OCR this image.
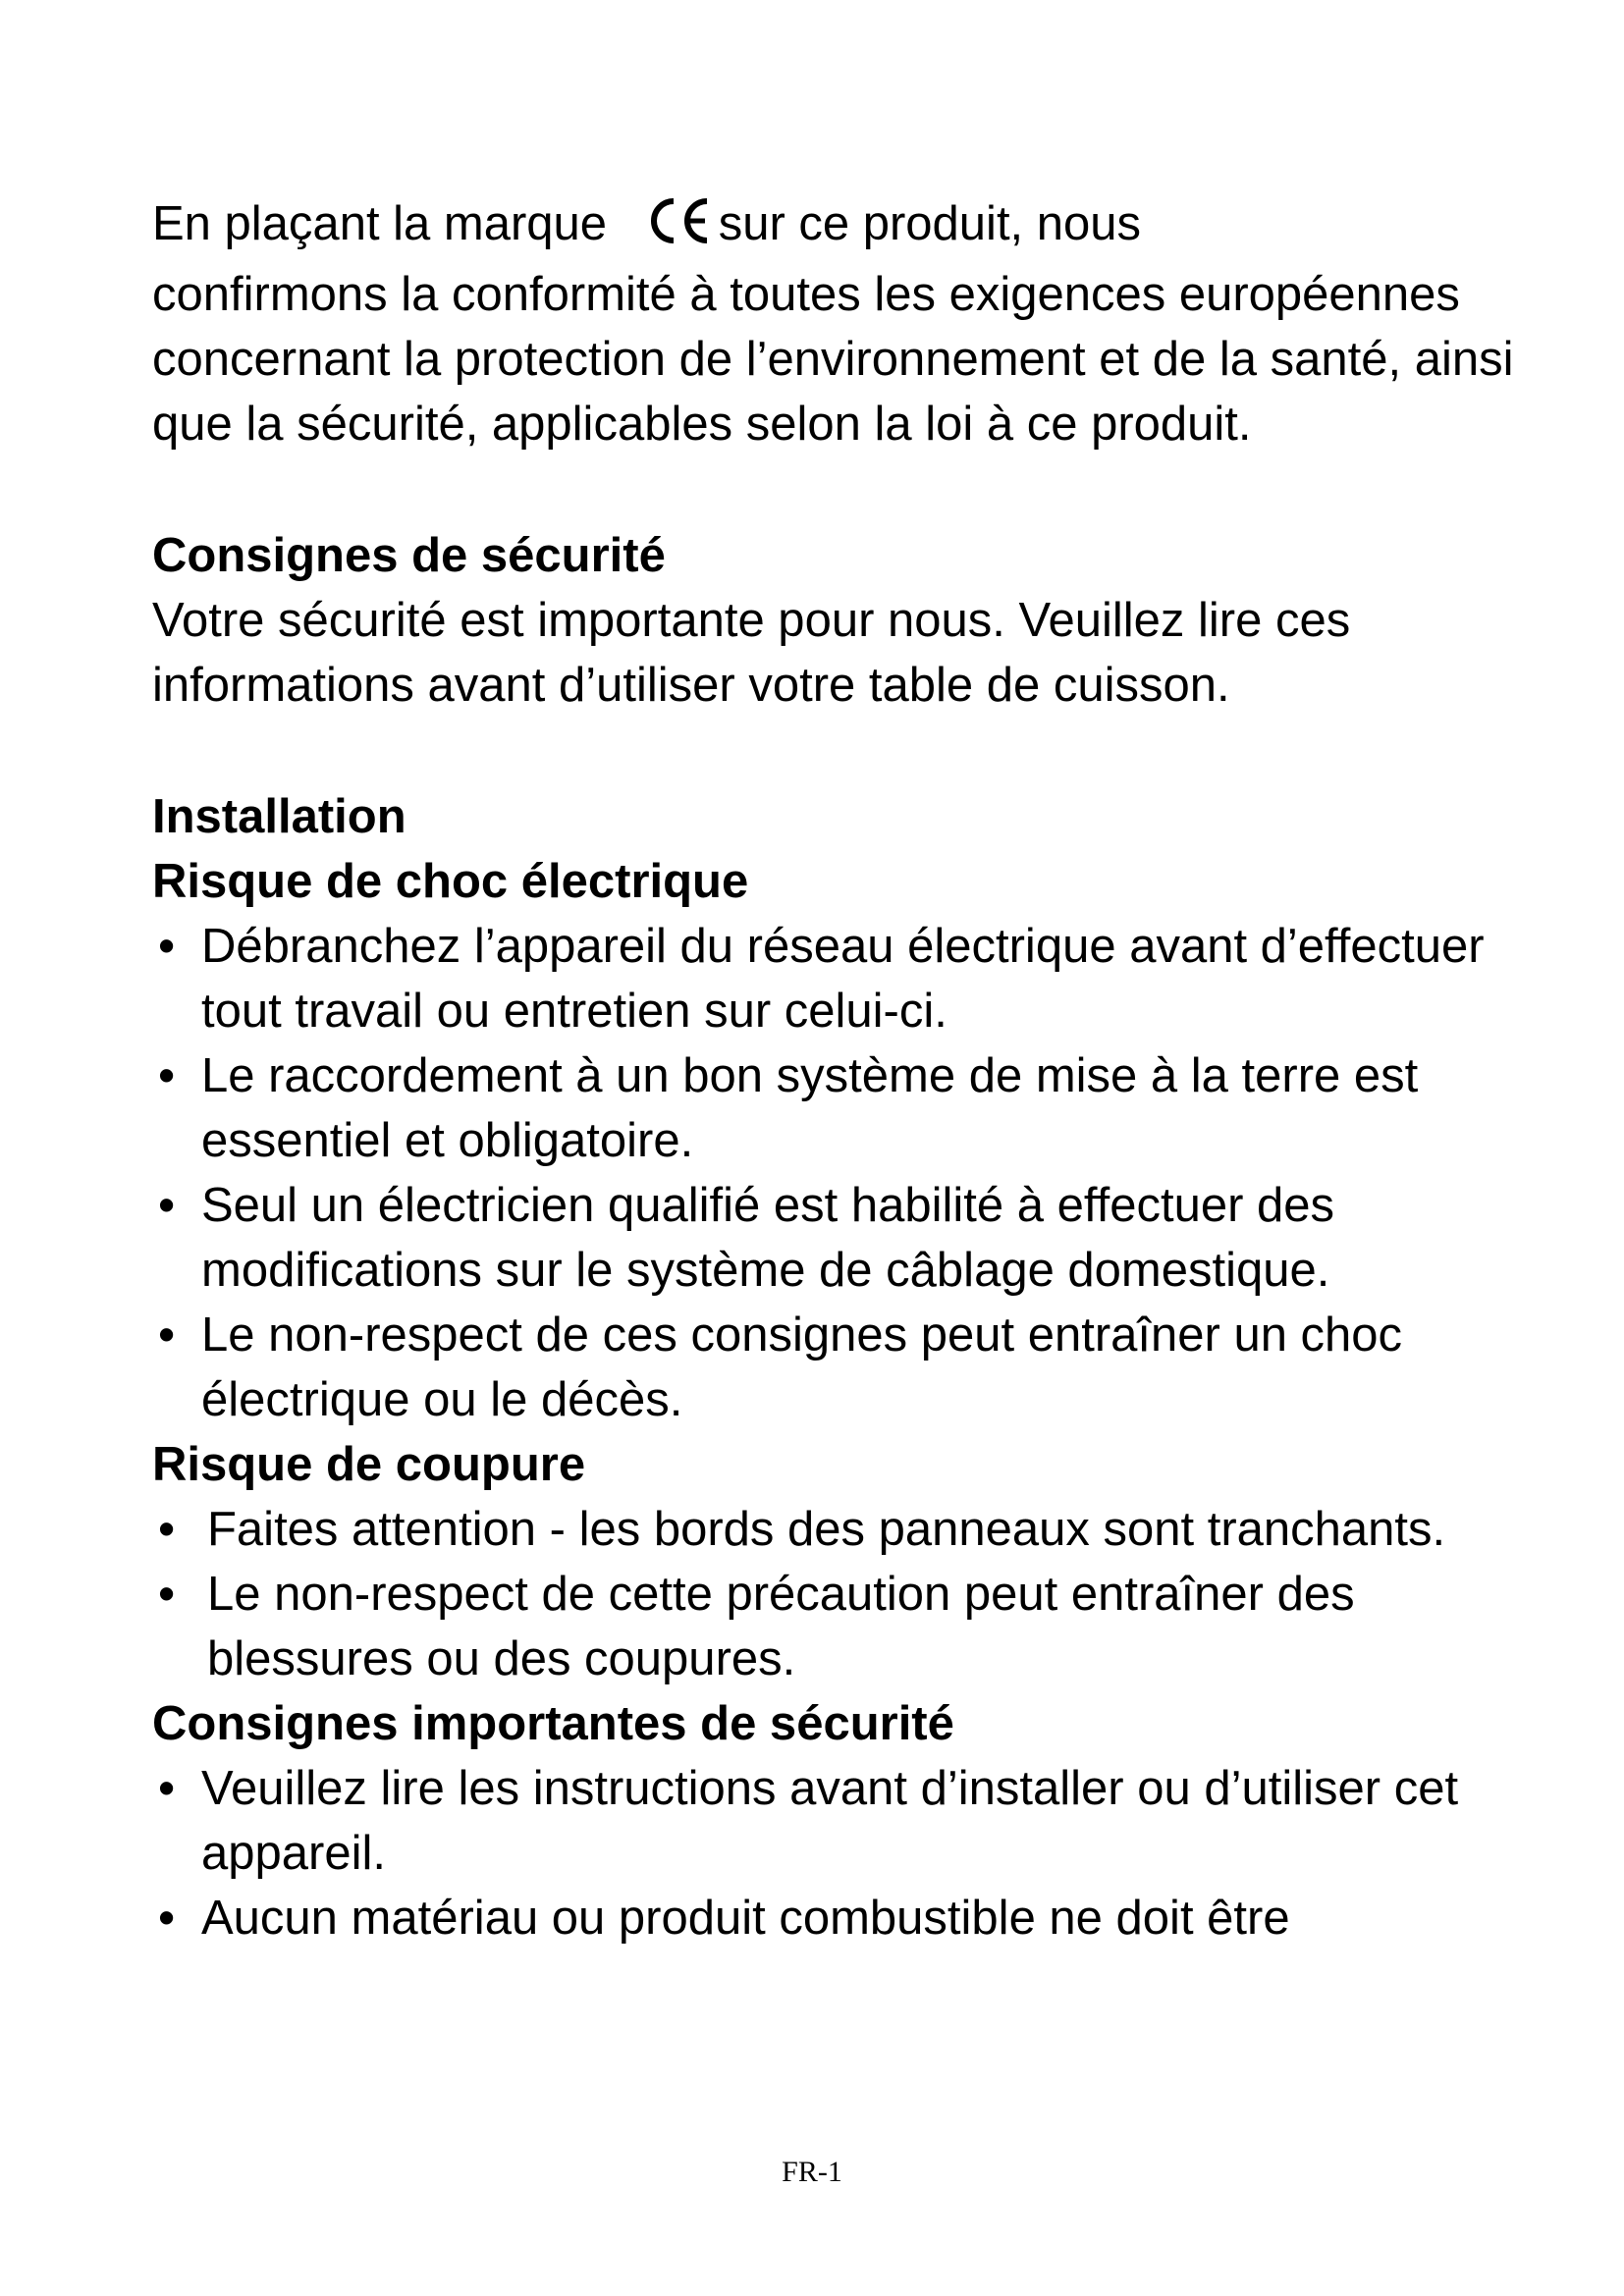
En plaçant la marque sur ce produit, nous
confirmons la conformité à toutes les exigences européennes concernant la protection de l’environnement et de la santé, ainsi que la sécurité, applicables selon la loi à ce produit.
Consignes de sécurité
Votre sécurité est importante pour nous. Veuillez lire ces informations avant d’utiliser votre table de cuisson.
Installation
Risque de choc électrique
• Débranchez l’appareil du réseau électrique avant d’effectuer tout travail ou entretien sur celui-ci.
• Le raccordement à un bon système de mise à la terre est essentiel et obligatoire.
• Seul un électricien qualifié est habilité à effectuer des modifications sur le système de câblage domestique.
• Le non-respect de ces consignes peut entraîner un choc électrique ou le décès.
Risque de coupure
• Faites attention - les bords des panneaux sont tranchants.
• Le non-respect de cette précaution peut entraîner des blessures ou des coupures.
Consignes importantes de sécurité
• Veuillez lire les instructions avant d’installer ou d’utiliser cet appareil.
• Aucun matériau ou produit combustible ne doit être
FR-1
